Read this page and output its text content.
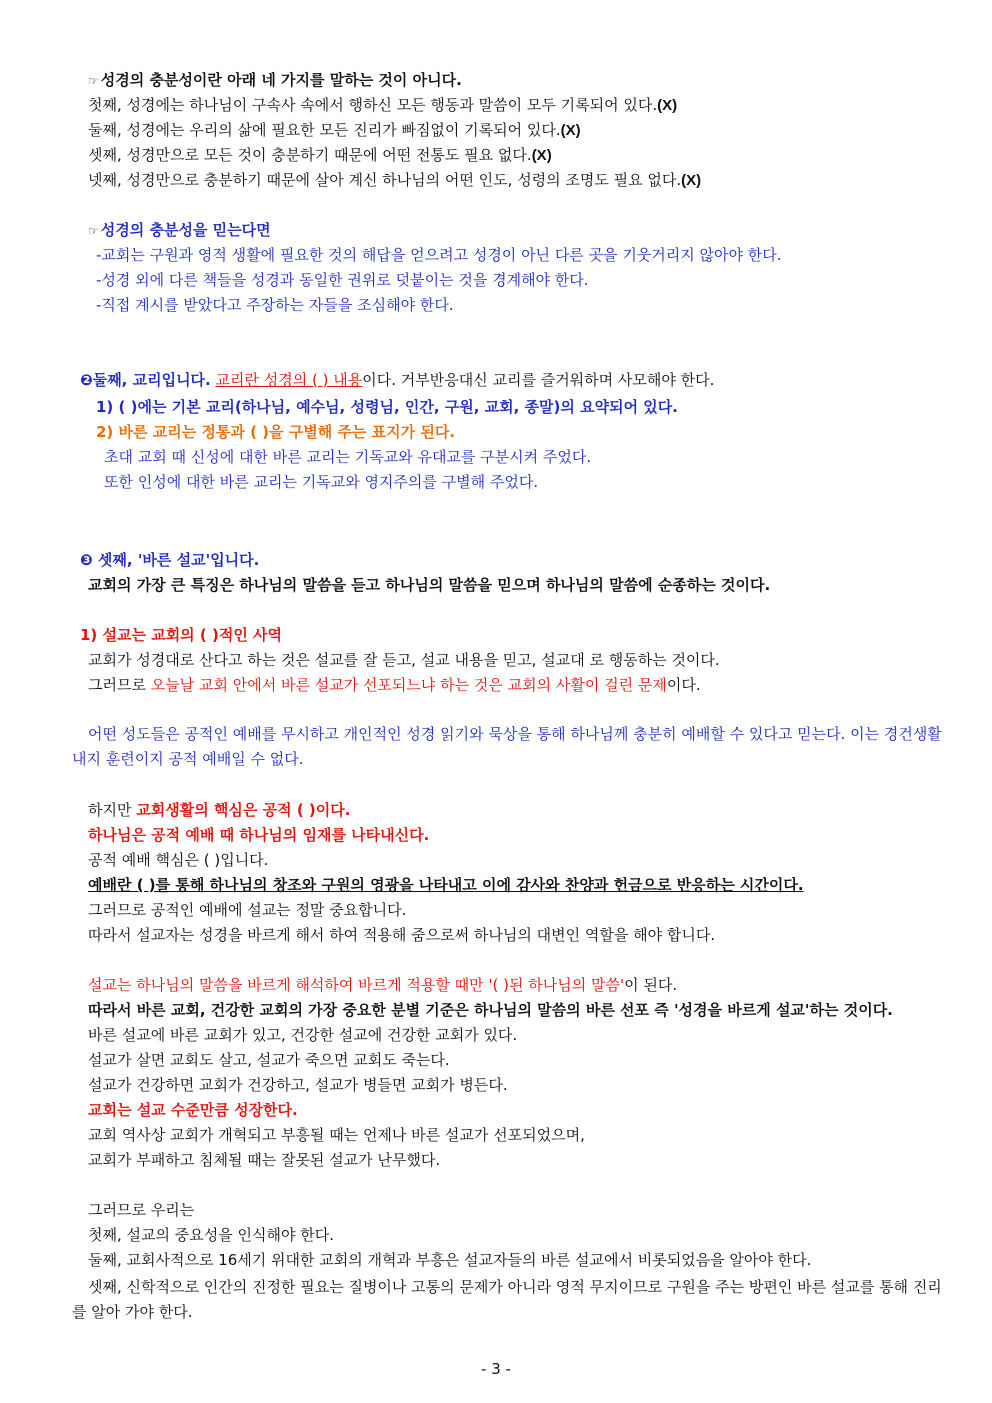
☞ 성경의 충분성이란 아래 네 가지를 말하는 것이 아니다.
첫째, 성경에는 하나님이 구속사 속에서 행하신 모든 행동과 말씀이 모두 기록되어 있다.(X)
둘째, 성경에는 우리의 삶에 필요한 모든 진리가 빠짐없이 기록되어 있다.(X)
셋째, 성경만으로 모든 것이 충분하기 때문에 어떤 전통도 필요 없다.(X)
넷째, 성경만으로 충분하기 때문에 살아 계신 하나님의 어떤 인도, 성령의 조명도 필요 없다.(X)
☞ 성경의 충분성을 믿는다면
-교회는 구원과 영적 생활에 필요한 것의 해답을 얻으려고 성경이 아닌 다른 곳을 기웃거리지 않아야 한다.
-성경 외에 다른 책들을 성경과 동일한 권위로 덧붙이는 것을 경계해야 한다.
-직접 계시를 받았다고 주장하는 자들을 조심해야 한다.
❷둘째, 교리입니다. 교리란 성경의 ( ) 내용이다. 거부반응대신 교리를 즐거워하며 사모해야 한다.
1) ( )에는 기본 교리(하나님, 예수님, 성령님, 인간, 구원, 교회, 종말)의 요약되어 있다.
2) 바른 교리는 정통과 ( )을 구별해 주는 표지가 된다.
초대 교회 때 신성에 대한 바른 교리는 기독교와 유대교를 구분시켜 주었다.
또한 인성에 대한 바른 교리는 기독교와 영지주의를 구별해 주었다.
❸ 셋째, '바른 설교'입니다.
교회의 가장 큰 특징은 하나님의 말씀을 듣고 하나님의 말씀을 믿으며 하나님의 말씀에 순종하는 것이다.
1) 설교는 교회의 ( )적인 사역
교회가 성경대로 산다고 하는 것은 설교를 잘 듣고, 설교 내용을 믿고, 설교대 로 행동하는 것이다.
그러므로 오늘날 교회 안에서 바른 설교가 선포되느냐 하는 것은 교회의 사활이 걸린 문제이다.
어떤 성도들은 공적인 예배를 무시하고 개인적인 성경 읽기와 묵상을 통해 하나님께 충분히 예배할 수 있다고 믿는다. 이는 경건생활 내지 훈련이지 공적 예배일 수 없다.
하지만 교회생활의 핵심은 공적 ( )이다.
하나님은 공적 예배 때 하나님의 임재를 나타내신다.
공적 예배 핵심은 ( )입니다.
예배란 ( )를 통해 하나님의 창조와 구원의 영광을 나타내고 이에 감사와 찬양과 헌금으로 반응하는 시간이다.
그러므로 공적인 예배에 설교는 정말 중요합니다.
따라서 설교자는 성경을 바르게 해서 하여 적용해 줌으로써 하나님의 대변인 역할을 해야 합니다.
설교는 하나님의 말씀을 바르게 해석하여 바르게 적용할 때만 '( )된 하나님의 말씀'이 된다.
따라서 바른 교회, 건강한 교회의 가장 중요한 분별 기준은 하나님의 말씀의 바른 선포 즉 '성경을 바르게 설교'하는 것이다.
바른 설교에 바른 교회가 있고, 건강한 설교에 건강한 교회가 있다.
설교가 살면 교회도 살고, 설교가 죽으면 교회도 죽는다.
설교가 건강하면 교회가 건강하고, 설교가 병들면 교회가 병든다.
교회는 설교 수준만큼 성장한다.
교회 역사상 교회가 개혁되고 부흥될 때는 언제나 바른 설교가 선포되었으며,
교회가 부패하고 침체될 때는 잘못된 설교가 난무했다.
그러므로 우리는
첫째, 설교의 중요성을 인식해야 한다.
둘째, 교회사적으로 16세기 위대한 교회의 개혁과 부흥은 설교자들의 바른 설교에서 비롯되었음을 알아야 한다.
셋째, 신학적으로 인간의 진정한 필요는 질병이나 고통의 문제가 아니라 영적 무지이므로 구원을 주는 방편인 바른 설교를 통해 진리를 알아 가야 한다.
- 3 -
